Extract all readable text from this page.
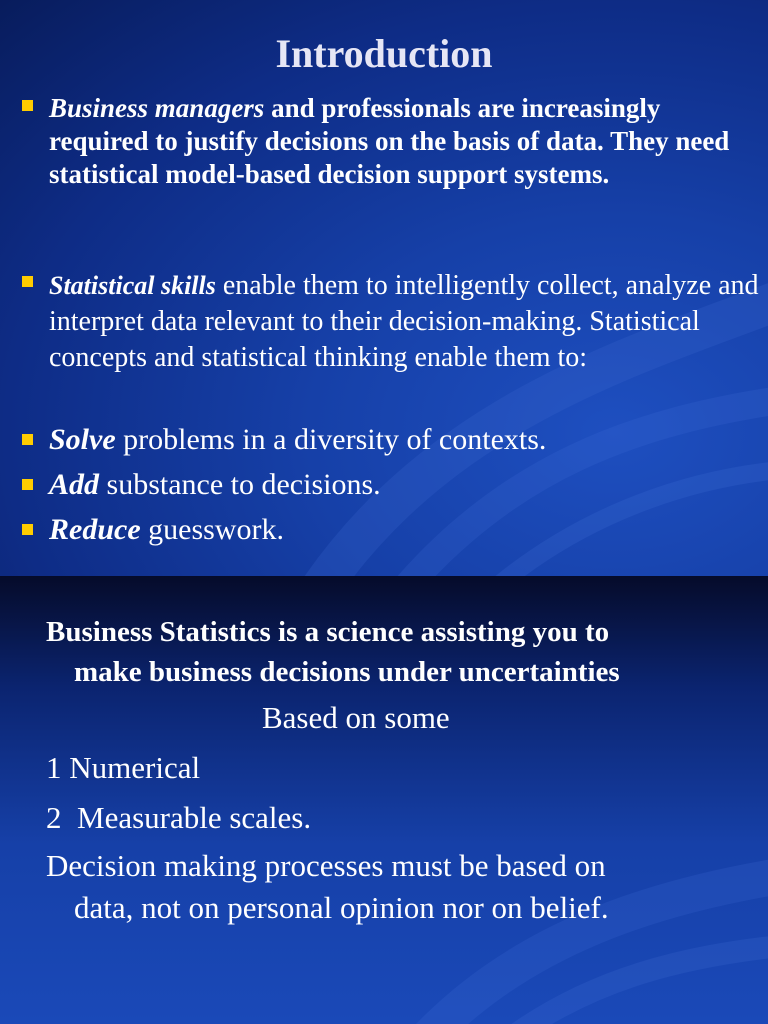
Introduction
Business managers and professionals are increasingly required to justify decisions on the basis of data. They need statistical model-based decision support systems.
Statistical skills enable them to intelligently collect, analyze and interpret data relevant to their decision-making. Statistical concepts and statistical thinking enable them to:
Solve problems in a diversity of contexts.
Add substance to decisions.
Reduce guesswork.
Business Statistics is a science assisting you to
make business decisions under uncertainties
Based on some
1 Numerical
2  Measurable scales.
Decision making processes must be based on
data, not on personal opinion nor on belief.
